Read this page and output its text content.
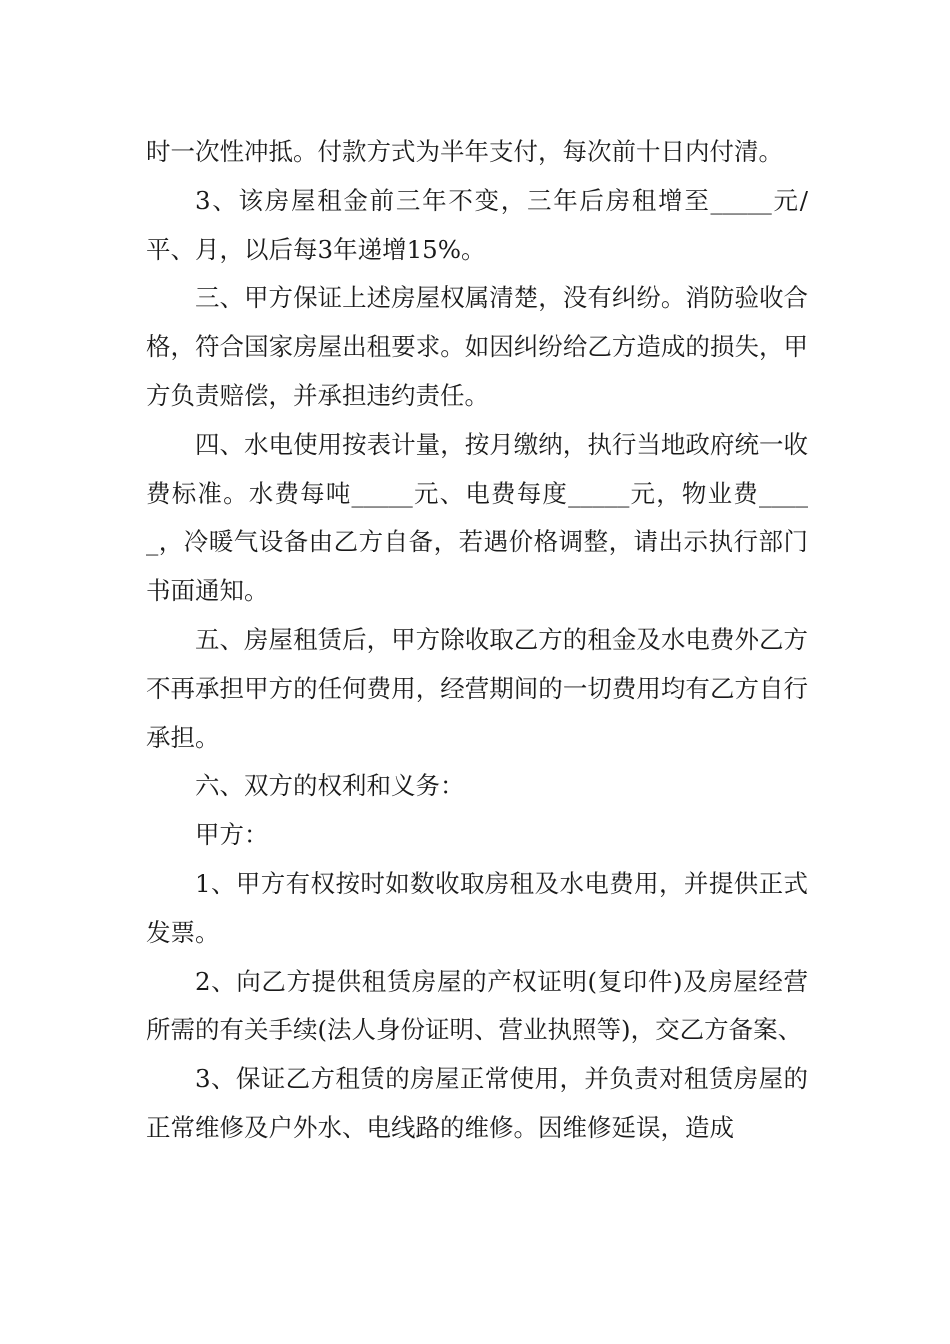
时一次性冲抵。付款方式为半年支付，每次前十日内付清。

3、该房屋租金前三年不变，三年后房租增至_____元/平、月，以后每3年递增15%。

三、甲方保证上述房屋权属清楚，没有纠纷。消防验收合格，符合国家房屋出租要求。如因纠纷给乙方造成的损失，甲方负责赔偿，并承担违约责任。

四、水电使用按表计量，按月缴纳，执行当地政府统一收费标准。水费每吨_____元、电费每度_____元，物业费_____，冷暖气设备由乙方自备，若遇价格调整，请出示执行部门书面通知。

五、房屋租赁后，甲方除收取乙方的租金及水电费外乙方不再承担甲方的任何费用，经营期间的一切费用均有乙方自行承担。

六、双方的权利和义务：

甲方：

1、甲方有权按时如数收取房租及水电费用，并提供正式发票。

2、向乙方提供租赁房屋的产权证明(复印件)及房屋经营所需的有关手续(法人身份证明、营业执照等)，交乙方备案、

3、保证乙方租赁的房屋正常使用，并负责对租赁房屋的正常维修及户外水、电线路的维修。因维修延误，造成
